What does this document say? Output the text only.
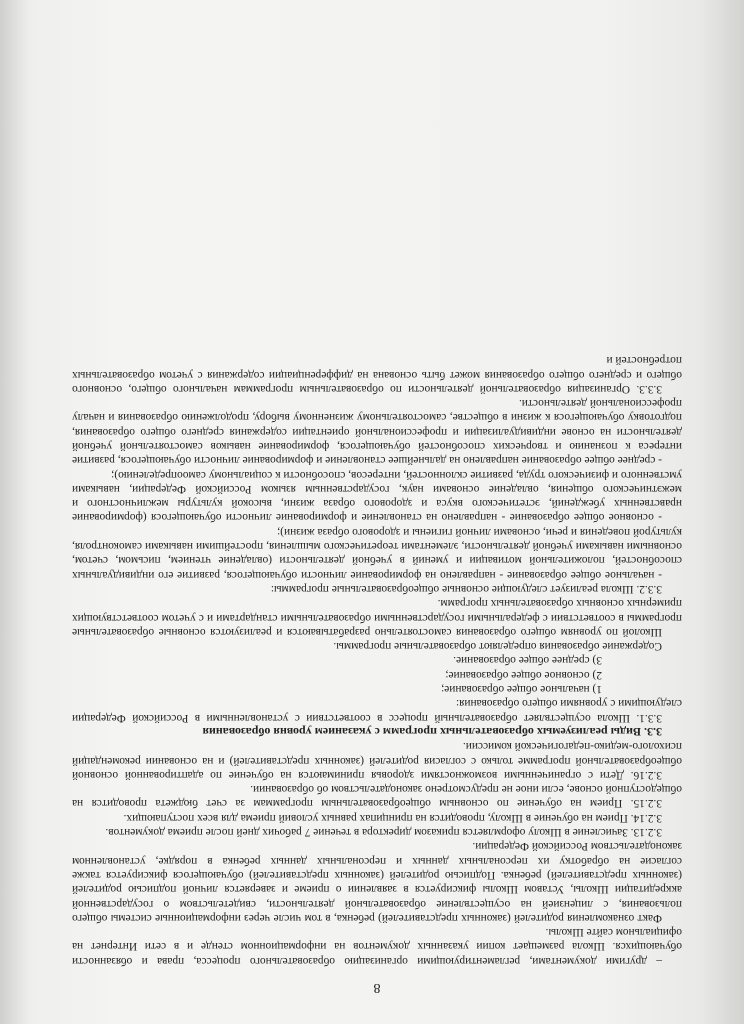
8

– другими документами, регламентирующими организацию образовательного процесса, права и обязанности обучающихся. Школа размещает копии указанных документов на информационном стенде и в сети Интернет на официальном сайте Школы.

Факт ознакомления родителей (законных представителей) ребенка, в том числе через информационные системы общего пользования, с лицензией на осуществление образовательной деятельности, свидетельством о государственной аккредитации Школы, Уставом Школы фиксируется в заявлении о приеме и заверяется личной подписью родителей (законных представителей) ребенка. Подписью родителей (законных представителей) обучающегося фиксируется также согласие на обработку их персональных данных и персональных данных ребенка в порядке, установленном законодательством Российской Федерации.

3.2.13. Зачисление в Школу оформляется приказом директора в течение 7 рабочих дней после приема документов.

3.2.14. Прием на обучение в Школу, проводится на принципах равных условий приема для всех поступающих.

3.2.15. Прием на обучение по основным общеобразовательным программам за счет бюджета проводится на общедоступной основе, если иное не предусмотрено законодательством об образовании.

3.2.16. Дети с ограниченными возможностями здоровья принимаются на обучение по адаптированной основной общеобразовательной программе только с согласия родителей (законных представителей) и на основании рекомендаций психолого-медико-педагогической комиссии.

3.3. Виды реализуемых образовательных программ с указанием уровня образования

3.3.1. Школа осуществляет образовательный процесс в соответствии с установленными в Российской Федерации следующими с уровнями общего образования:

1) начальное общее образование;

2) основное общее образование;

3) среднее общее образование.

Содержание образования определяют образовательные программы.

Школой по уровням общего образования самостоятельно разрабатываются и реализуются основные образовательные программы в соответствии с федеральными государственными образовательными стандартами и с учетом соответствующих примерных основных образовательных программ.

3.3.2. Школа реализует следующие основные общеобразовательные программы:

- начальное общее образование - направлено на формирование личности обучающегося, развитие его индивидуальных способностей, положительной мотивации и умений в учебной деятельности (овладение чтением, письмом, счетом, основными навыками учебной деятельности, элементами теоретического мышления, простейшими навыками самоконтроля, культурой поведения и речи, основами личной гигиены и здорового образа жизни);

- основное общее образование - направлено на становление и формирование личности обучающегося (формирование нравственных убеждений, эстетического вкуса и здорового образа жизни, высокой культуры межличностного и межэтнического общения, овладение основами наук, государственным языком Российской Федерации, навыками умственного и физического труда, развитие склонностей, интересов, способности к социальному самоопределению);

- среднее общее образование направлено на дальнейшее становление и формирование личности обучающегося, развитие интереса к познанию и творческих способностей обучающегося, формирование навыков самостоятельной учебной деятельности на основе индивидуализации и профессиональной ориентации содержания среднего общего образования, подготовку обучающегося к жизни в обществе, самостоятельному жизненному выбору, продолжению образования и началу профессиональной деятельности.

3.3.3. Организация образовательной деятельности по образовательным программам начального общего, основного общего и среднего общего образования может быть основана на дифференциации содержания с учетом образовательных потребностей и
